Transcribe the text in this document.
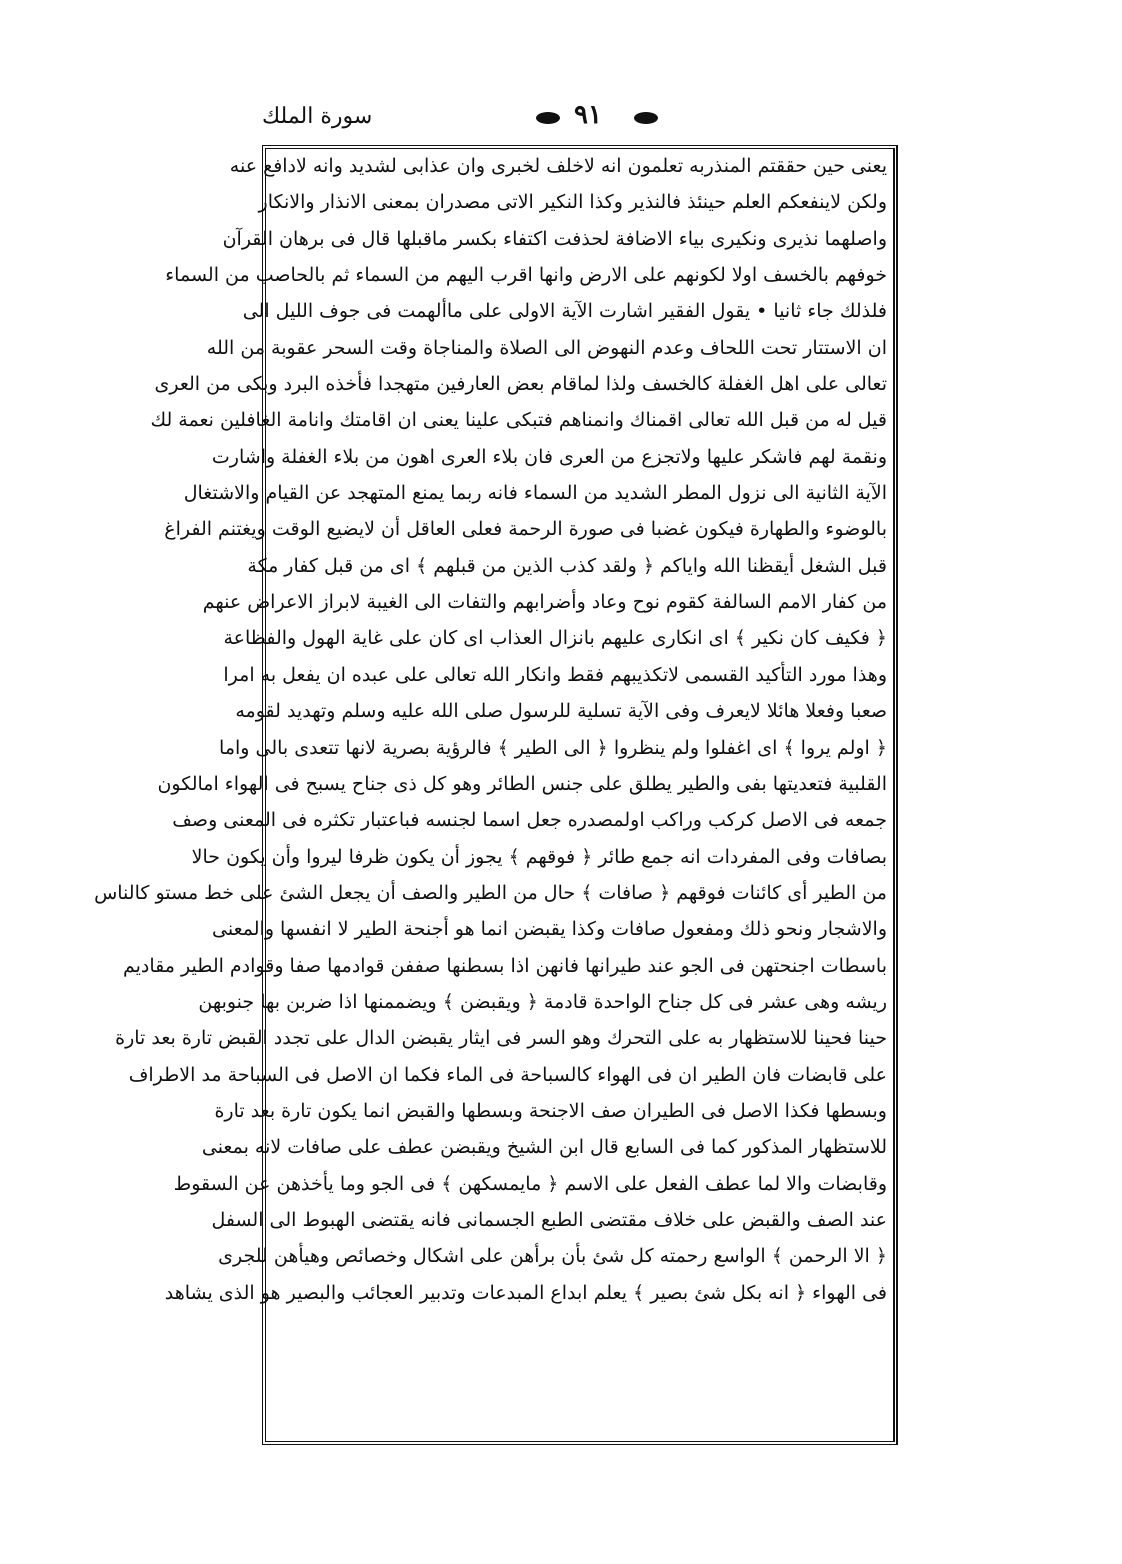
سورة الملك	٩١
يعنى حين حققتم المنذربه تعلمون انه لاخلف لخبرى وان عذابى لشديد وانه لادافع عنه
ولكن لاينفعكم العلم حينئذ فالنذير وكذا النكير الاتى مصدران بمعنى الانذار والانكار
واصلهما نذيرى ونكيرى بياء الاضافة لحذفت اكتفاء بكسر ماقبلها قال فى برهان القرآن
خوفهم بالخسف اولا لكونهم على الارض وانها اقرب اليهم من السماء ثم بالحاصب من السماء
فلذلك جاء ثانيا • يقول الفقير اشارت الآية الاولى على ماألهمت فى جوف الليل الى
ان الاستتار تحت اللحاف وعدم النهوض الى الصلاة والمناجاة وقت السحر عقوبة من الله
تعالى على اهل الغفلة كالخسف ولذا لماقام بعض العارفين متهجدا فأخذه البرد وبكى من العرى
قيل له من قبل الله تعالى اقمناك وانمناهم فتبكى علينا يعنى ان اقامتك وانامة الغافلين نعمة لك
ونقمة لهم فاشكر عليها ولاتجزع من العرى فان بلاء العرى اهون من بلاء الغفلة واشارت
الآية الثانية الى نزول المطر الشديد من السماء فانه ربما يمنع المتهجد عن القيام والاشتغال
بالوضوء والطهارة فيكون غضبا فى صورة الرحمة فعلى العاقل أن لايضيع الوقت ويغتنم الفراغ
قبل الشغل أيقظنا الله واياكم ﴿ ولقد كذب الذين من قبلهم ﴾ اى من قبل كفار مكة
من كفار الامم السالفة كقوم نوح وعاد وأضرابهم والتفات الى الغيبة لابراز الاعراض عنهم
﴿ فكيف كان نكير ﴾ اى انكارى عليهم بانزال العذاب اى كان على غاية الهول والفظاعة
وهذا مورد التأكيد القسمى لاتكذيبهم فقط وانكار الله تعالى على عبده ان يفعل به امرا
صعبا وفعلا هائلا لايعرف وفى الآية تسلية للرسول صلى الله عليه وسلم وتهديد لقومه
﴿ اولم يروا ﴾ اى اغفلوا ولم ينظروا ﴿ الى الطير ﴾ فالرؤية بصرية لانها تتعدى بالى واما
القلبية فتعديتها بفى والطير يطلق على جنس الطائر وهو كل ذى جناح يسبح فى الهواء امالكون
جمعه فى الاصل كركب وراكب اولمصدره جعل اسما لجنسه فباعتبار تكثره فى المعنى وصف
بصافات وفى المفردات انه جمع طائر ﴿ فوقهم ﴾ يجوز أن يكون ظرفا ليروا وأن يكون حالا
من الطير أى كائنات فوقهم ﴿ صافات ﴾ حال من الطير والصف أن يجعل الشئ على خط مستو كالناس
والاشجار ونحو ذلك ومفعول صافات وكذا يقبضن انما هو أجنحة الطير لا انفسها والمعنى
باسطات اجنحتهن فى الجو عند طيرانها فانهن اذا بسطنها صففن قوادمها صفا وقوادم الطير مقاديم
ريشه وهى عشر فى كل جناح الواحدة قادمة ﴿ ويقبضن ﴾ ويضممنها اذا ضربن بها جنوبهن
حينا فحينا للاستظهار به على التحرك وهو السر فى ايثار يقبضن الدال على تجدد القبض تارة بعد تارة
على قابضات فان الطير ان فى الهواء كالسباحة فى الماء فكما ان الاصل فى السباحة مد الاطراف
وبسطها فكذا الاصل فى الطيران صف الاجنحة وبسطها والقبض انما يكون تارة بعد تارة
للاستظهار المذكور كما فى السابع قال ابن الشيخ ويقبضن عطف على صافات لانه بمعنى
وقابضات والا لما عطف الفعل على الاسم ﴿ مايمسكهن ﴾ فى الجو وما يأخذهن عن السقوط
عند الصف والقبض على خلاف مقتضى الطبع الجسمانى فانه يقتضى الهبوط الى السفل
﴿ الا الرحمن ﴾ الواسع رحمته كل شئ بأن برأهن على اشكال وخصائص وهيأهن للجرى
فى الهواء ﴿ انه بكل شئ بصير ﴾ يعلم ابداع المبدعات وتدبير العجائب والبصير هو الذى يشاهد
